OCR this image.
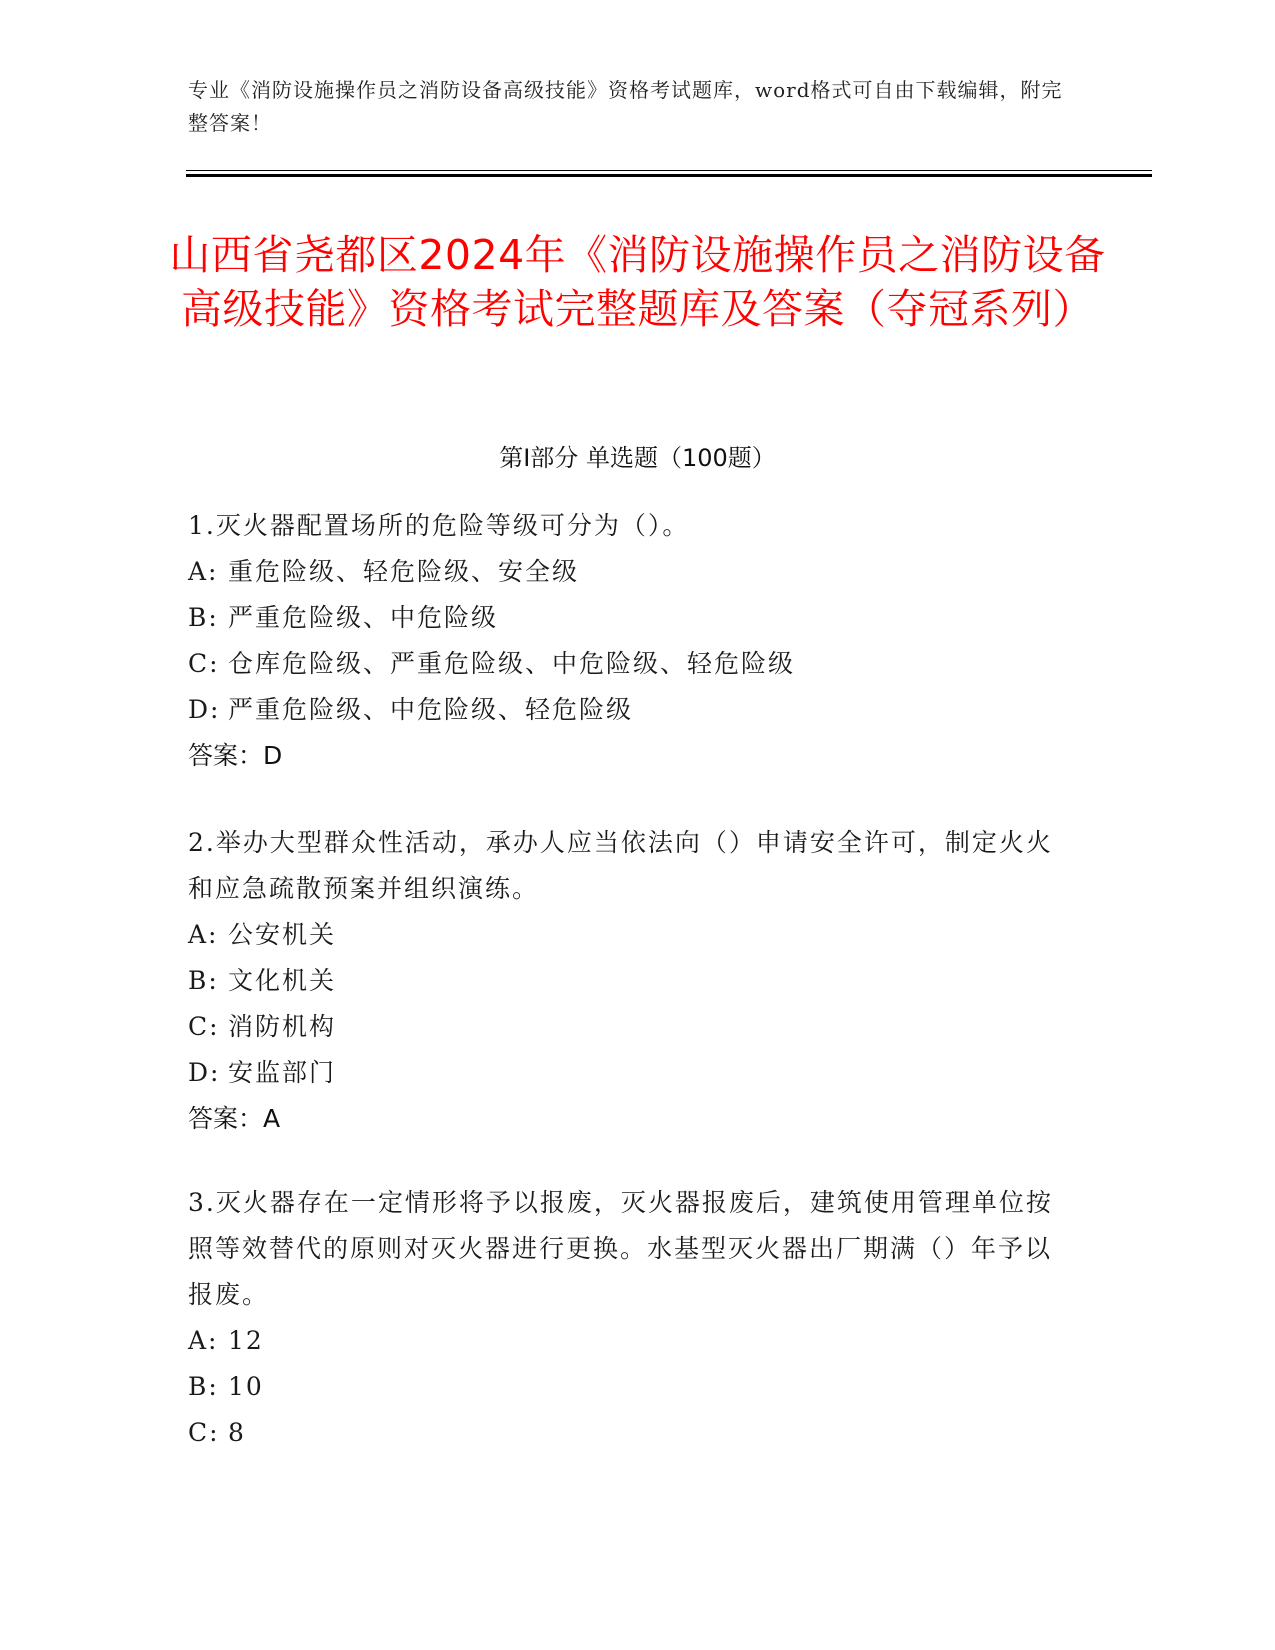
专业《消防设施操作员之消防设备高级技能》资格考试题库，word格式可自由下载编辑，附完整答案！
山西省尧都区2024年《消防设施操作员之消防设备高级技能》资格考试完整题库及答案（夺冠系列）
第I部分 单选题（100题）
1.灭火器配置场所的危险等级可分为（）。
A: 重危险级、轻危险级、安全级
B: 严重危险级、中危险级
C: 仓库危险级、严重危险级、中危险级、轻危险级
D: 严重危险级、中危险级、轻危险级
答案：D
2.举办大型群众性活动，承办人应当依法向（）申请安全许可，制定火火和应急疏散预案并组织演练。
A: 公安机关
B: 文化机关
C: 消防机构
D: 安监部门
答案：A
3.灭火器存在一定情形将予以报废，灭火器报废后，建筑使用管理单位按照等效替代的原则对灭火器进行更换。水基型灭火器出厂期满（）年予以报废。
A: 12
B: 10
C: 8
